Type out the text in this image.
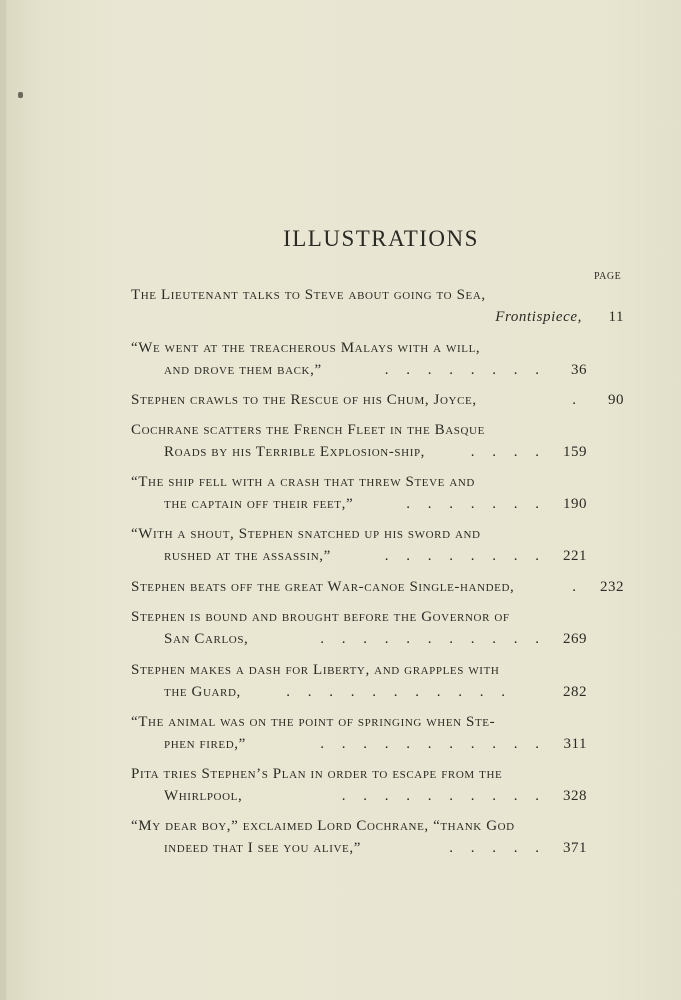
ILLUSTRATIONS
PAGE
The Lieutenant talks to Steve about going to Sea,
Frontispiece, 11
“We went at the treacherous Malays with a will,
and drove them back,”	. . . . . . . . 36
Stephen crawls to the Rescue of his Chum, Joyce,	. 90
Cochrane scatters the French Fleet in the Basque
Roads by his Terrible Explosion-ship,	. . . . 159
“The ship fell with a crash that threw Steve and
the captain off their feet,”	. . . . . . . 190
“With a shout, Stephen snatched up his sword and
rushed at the assassin,”	. . . . . . . . 221
Stephen beats off the great War-canoe Single-handed,	. 232
Stephen is bound and brought before the Governor of
San Carlos,	. . . . . . . . . . . 269
Stephen makes a dash for Liberty, and grapples with
the Guard,	. . . . . . . . . . .	282
“The animal was on the point of springing when Ste-
phen fired,”	. . . . . . . . . . . 311
Pita tries Stephen’s Plan in order to escape from the
Whirlpool,	. . . . . . . . . . 328
“My dear boy,” exclaimed Lord Cochrane, “thank God
indeed that I see you alive,”	. . . . . 371
